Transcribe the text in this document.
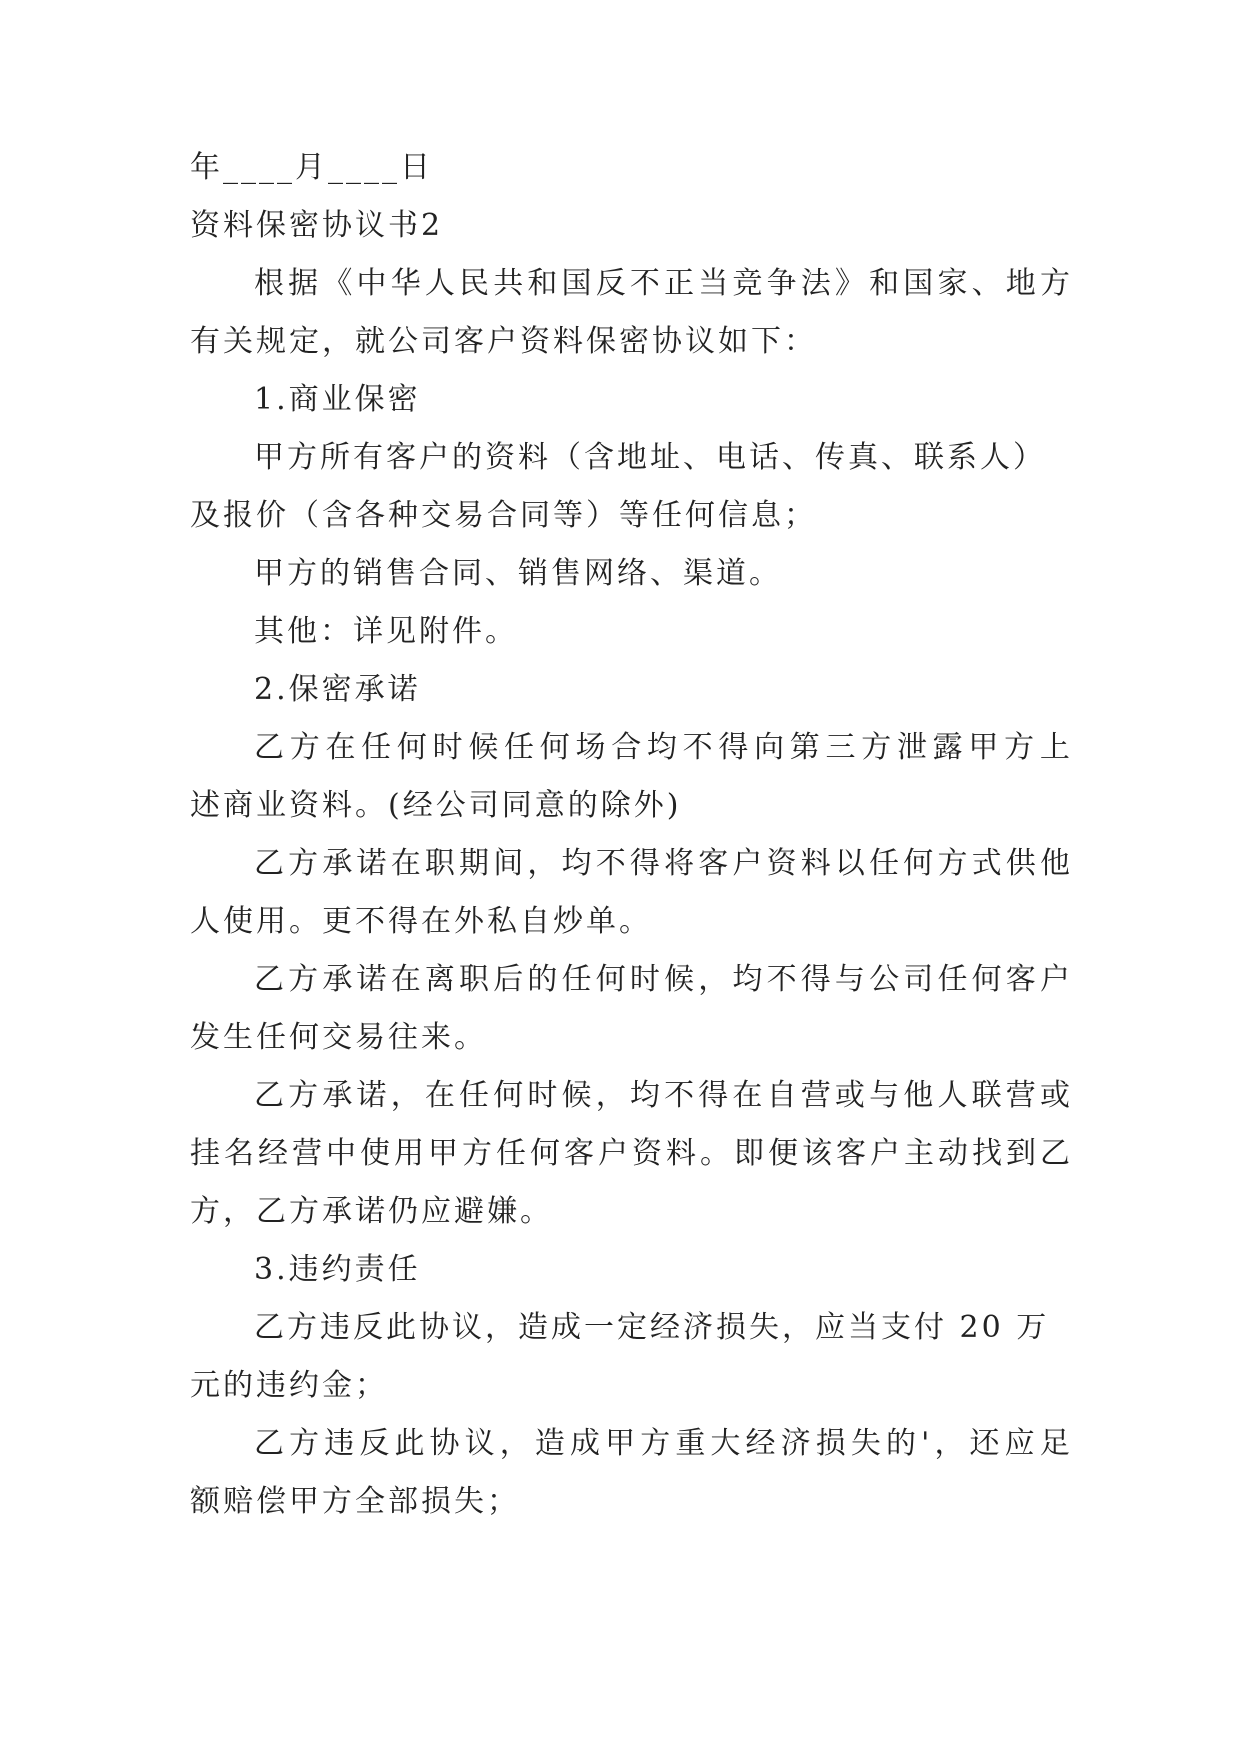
年____月____日
资料保密协议书2
根 据 《 中 华 人 民 共 和 国 反 不 正 当 竞 争 法 》 和 国 家 、 地 方
有关规定，就公司客户资料保密协议如下：
1.商业保密
甲方所有客户的资料（含地址、电话、传真、联系人）
及报价（含各种交易合同等）等任何信息；
甲方的销售合同、销售网络、渠道。
其他：详见附件。
2.保密承诺
乙 方 在 任 何 时 候 任 何 场 合 均 不 得 向 第 三 方 泄 露 甲 方 上
述商业资料。(经公司同意的除外)
乙 方 承 诺 在 职 期 间 ， 均 不 得 将 客 户 资 料 以 任 何 方 式 供 他
人使用。更不得在外私自炒单。
乙 方 承 诺 在 离 职 后 的 任 何 时 候 ， 均 不 得 与 公 司 任 何 客 户
发生任何交易往来。
乙 方 承 诺 ， 在 任 何 时 候 ， 均 不 得 在 自 营 或 与 他 人 联 营 或
挂 名 经 营 中 使 用 甲 方 任 何 客 户 资 料 。 即 便 该 客 户 主 动 找 到 乙
方，乙方承诺仍应避嫌。
3.违约责任
乙方违反此协议，造成一定经济损失，应当支付 20 万
元的违约金；
乙 方 违 反 此 协 议 ， 造 成 甲 方 重 大 经 济 损 失 的 ' ， 还 应 足
额赔偿甲方全部损失；
